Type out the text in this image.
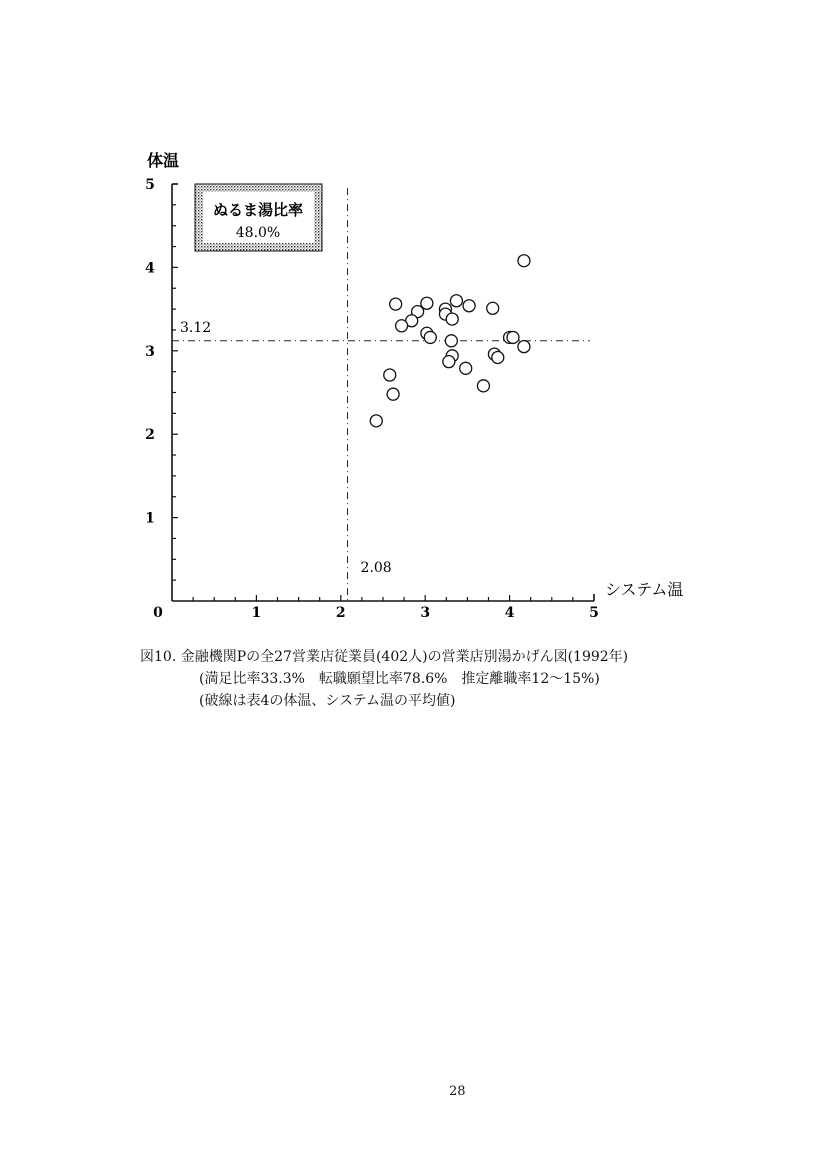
体温
システム温
0	1	2	3	4	5
1
2
3
4
5
2.08
3.12
ぬるま湯比率
48.0%
図10. 金融機関Pの全27営業店従業員(402人)の営業店別湯かげん図(1992年)
(満足比率33.3%　転職願望比率78.6%　推定離職率12～15%)
(破線は表4の体温、システム温の平均値)
28
